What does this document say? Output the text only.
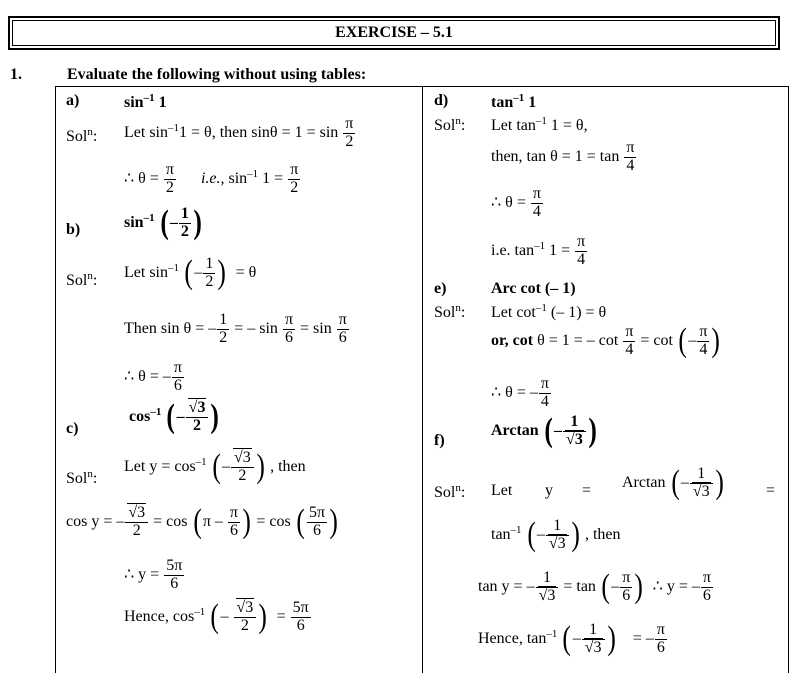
EXERCISE – 5.1
1.	Evaluate the following without using tables:
a)	$\sin^{-1} 1$
Sol$^n$: Let $\sin^{-1}1 = \theta$, then $\sin\theta = 1 = \sin \frac{\pi}{2}$
∴ $\theta = \frac{\pi}{2} i.e$., $\sin^{-1} 1 = \frac{\pi}{2}$
b)	$\sin^{-1}$ (– $\frac{1}{2}$ )
Sol$^n$: Let $\sin^{-1}$ (– $\frac{1}{2}$ ) = θ
Then sin θ = – $\frac{1}{2}$ = – $\sin \frac{\pi}{6} = \sin \frac{\pi}{6}$
∴ θ = – $\frac{\pi}{6}$
c)
$\cos^{-1}$ (– $\frac{√3}{2}$ )
Sol$^n$:
Let $y = \cos^{-1}$ (– $\frac{√3}{2}$ ) , then
cos y = – $\frac{√3}{2} = \cos (\pi - \frac{\pi}{6}$ ) = cos ( $\frac{5\pi}{6}$ )
∴ $y = \frac{5\pi}{6}$
Hence, $\cos^{-1}$ (– $\frac{√3}{2}$ ) = $\frac{5\pi}{6}$
d)	$\tan^{-1} 1$
Sol$^n$: Let $\tan^{-1} 1 = \theta$,
then, $\tan \theta = 1 = \tan \frac{\pi}{4}$
∴ $\theta = \frac{\pi}{4}$
i.e. $\tan^{-1} 1 = \frac{\pi}{4}$
e)	Arc cot (– 1)
Sol$^n$: Let $\cot^{-1}$ (– 1) = θ
or, cot θ = 1 = – $\cot \frac{\pi}{4} = \cot$ (– $\frac{\pi}{4}$ )
∴ θ = – $\frac{\pi}{4}$
f)
Arctan (– $\frac{1}{√3}$ )
Sol$^n$: Let y = Arctan (– $\frac{1}{√3}$ )	=
$\tan^{-1}$ (– $\frac{1}{√3}$ ) , then
tan y = – $\frac{1}{√3} = \tan$ (– $\frac{\pi}{6}$ ) ∴ y = – $\frac{\pi}{6}$
Hence, $\tan^{-1}$ (– $\frac{1}{√3}$ ) = – $\frac{\pi}{6}$
